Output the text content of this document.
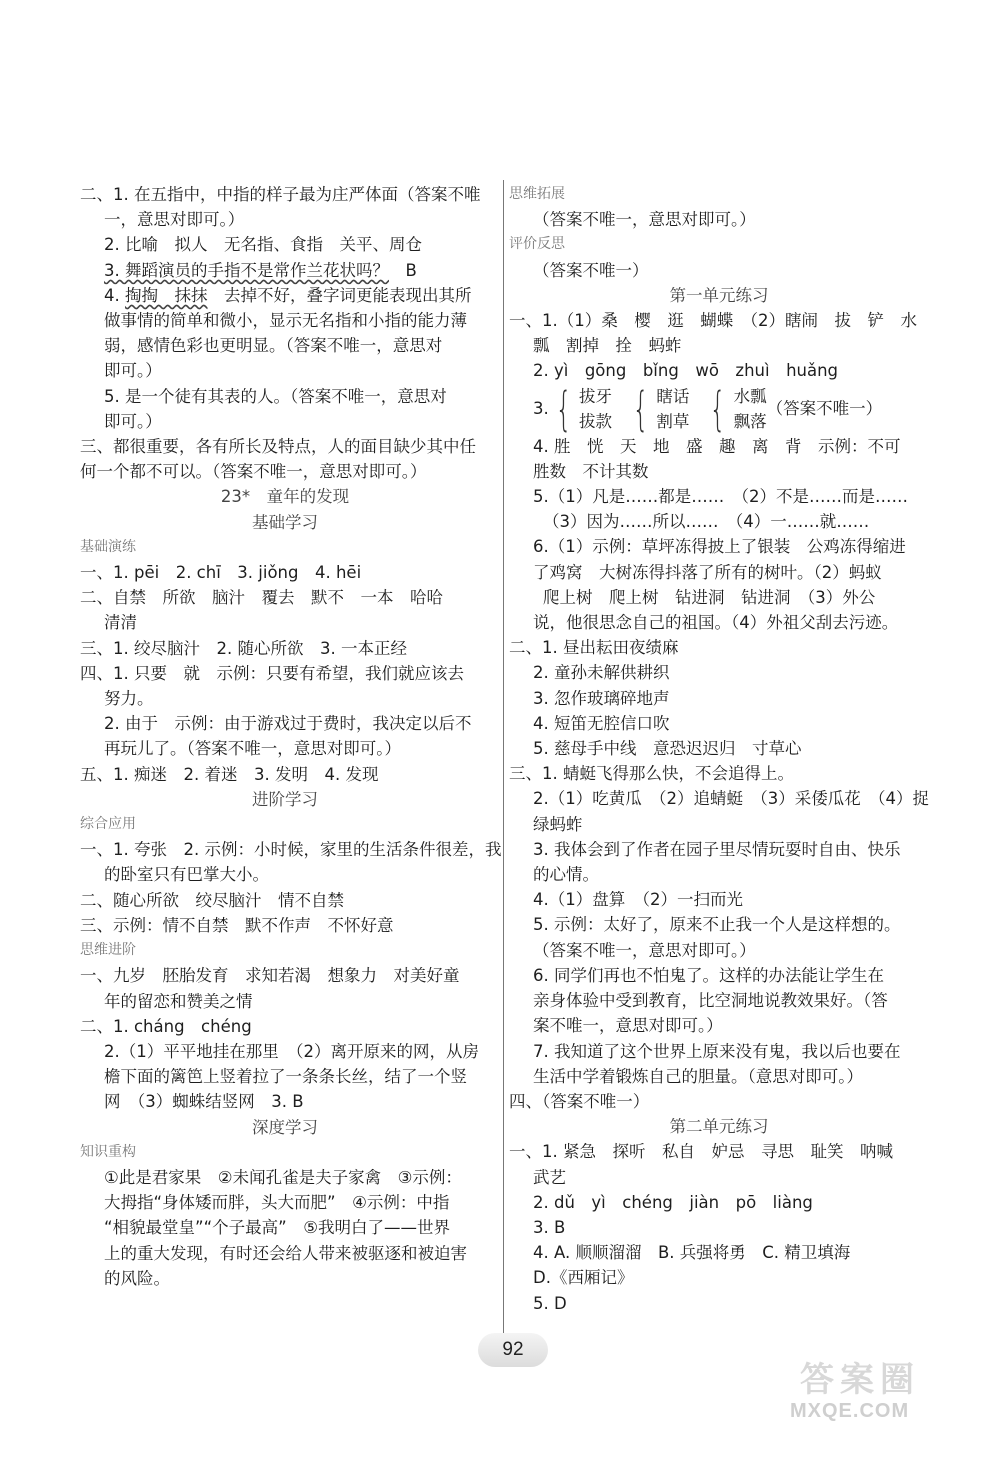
二、1. 在五指中，中指的样子最为庄严体面（答案不唯
一，意思对即可。）
2. 比喻　拟人　无名指、食指　关平、周仓
3. 舞蹈演员的手指不是常作兰花状吗？　B
4. 掏掏　抹抹　去掉不好，叠字词更能表现出其所
做事情的简单和微小，显示无名指和小指的能力薄
弱，感情色彩也更明显。（答案不唯一，意思对
即可。）
5. 是一个徒有其表的人。（答案不唯一，意思对
即可。）
三、都很重要，各有所长及特点，人的面目缺少其中任
何一个都不可以。（答案不唯一，意思对即可。）
23*　童年的发现
基础学习
基础演练
一、1. pēi　2. chī　3. jiǒng　4. hēi
二、自禁　所欲　脑汁　覆去　默不　一本　哈哈
清清
三、1. 绞尽脑汁　2. 随心所欲　3. 一本正经
四、1. 只要　就　示例：只要有希望，我们就应该去
努力。
2. 由于　示例：由于游戏过于费时，我决定以后不
再玩儿了。（答案不唯一，意思对即可。）
五、1. 痴迷　2. 着迷　3. 发明　4. 发现
进阶学习
综合应用
一、1. 夸张　2. 示例：小时候，家里的生活条件很差，我
的卧室只有巴掌大小。
二、随心所欲　绞尽脑汁　情不自禁
三、示例：情不自禁　默不作声　不怀好意
思维进阶
一、九岁　胚胎发育　求知若渴　想象力　对美好童
年的留恋和赞美之情
二、1. cháng　chéng
2.（1）平平地挂在那里　（2）离开原来的网，从房
檐下面的篱笆上竖着拉了一条条长丝，结了一个竖
网　（3）蜘蛛结竖网　3. B
深度学习
知识重构
①此是君家果　②未闻孔雀是夫子家禽　③示例：
大拇指“身体矮而胖，头大而肥”　④示例：中指
“相貌最堂皇”“个子最高”　⑤我明白了——世界
上的重大发现，有时还会给人带来被驱逐和被迫害
的风险。
思维拓展
（答案不唯一，意思对即可。）
评价反思
（答案不唯一）
第一单元练习
一、1.（1）桑　樱　逛　蝴蝶　（2）瞎闹　拔　铲　水
瓢　割掉　拴　蚂蚱
2. yì　gōng　bǐng　wō　zhuì　huǎng
3. { 拔牙
拔款 { 瞎话
割草 { 水瓢
飘落
（答案不唯一）
4. 胜　恍　天　地　盛　趣　离　背　示例：不可
胜数　不计其数
5.（1）凡是……都是……　（2）不是……而是……
（3）因为……所以……　（4）一……就……
6.（1）示例：草坪冻得披上了银装　公鸡冻得缩进
了鸡窝　大树冻得抖落了所有的树叶。（2）蚂蚁
爬上树　爬上树　钻进洞　钻进洞　（3）外公
说，他很思念自己的祖国。（4）外祖父刮去污迹。
二、1. 昼出耘田夜绩麻
2. 童孙未解供耕织
3. 忽作玻璃碎地声
4. 短笛无腔信口吹
5. 慈母手中线　意恐迟迟归　寸草心
三、1. 蜻蜓飞得那么快，不会追得上。
2.（1）吃黄瓜　（2）追蜻蜓　（3）采倭瓜花　（4）捉
绿蚂蚱
3. 我体会到了作者在园子里尽情玩耍时自由、快乐
的心情。
4.（1）盘算　（2）一扫而光
5. 示例：太好了，原来不止我一个人是这样想的。
（答案不唯一，意思对即可。）
6. 同学们再也不怕鬼了。这样的办法能让学生在
亲身体验中受到教育，比空洞地说教效果好。（答
案不唯一，意思对即可。）
7. 我知道了这个世界上原来没有鬼，我以后也要在
生活中学着锻炼自己的胆量。（意思对即可。）
四、（答案不唯一）
第二单元练习
一、1. 紧急　探听　私自　妒忌　寻思　耻笑　呐喊
武艺
2. dǔ　yì　chéng　jiàn　pō　liàng
3. B
4. A. 顺顺溜溜　B. 兵强将勇　C. 精卫填海
D.《西厢记》
5. D
92
答案圈
MXQE.COM
